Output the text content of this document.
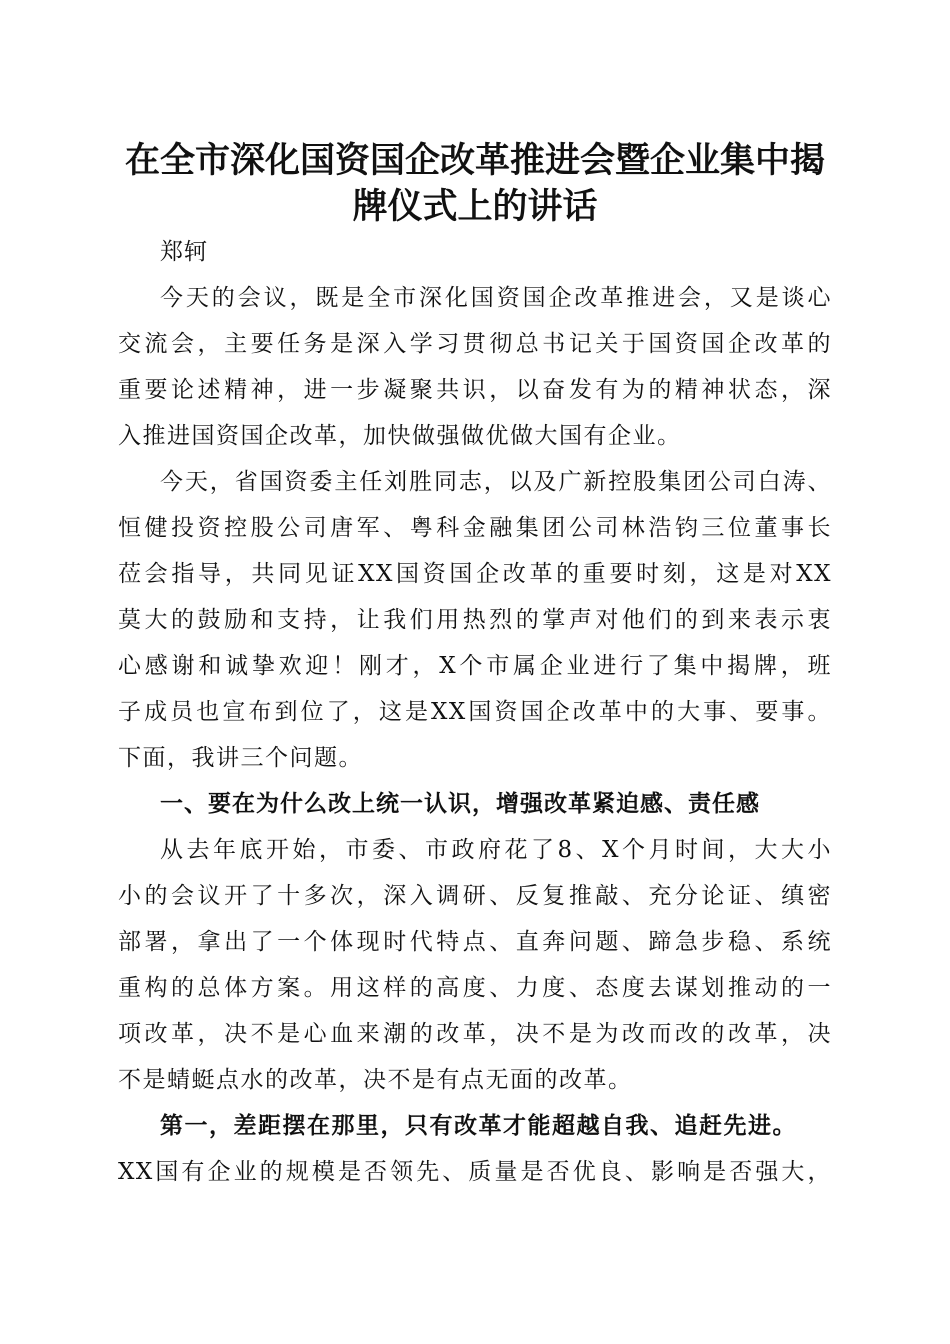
在全市深化国资国企改革推进会暨企业集中揭
牌仪式上的讲话

郑轲

今天的会议，既是全市深化国资国企改革推进会，又是谈心

交流会，主要任务是深入学习贯彻总书记关于国资国企改革的

重要论述精神，进一步凝聚共识，以奋发有为的精神状态，深

入推进国资国企改革，加快做强做优做大国有企业。

今天，省国资委主任刘胜同志，以及广新控股集团公司白涛、

恒健投资控股公司唐军、粤科金融集团公司林浩钧三位董事长

莅会指导，共同见证XX国资国企改革的重要时刻，这是对XX

莫大的鼓励和支持，让我们用热烈的掌声对他们的到来表示衷

心感谢和诚挚欢迎！刚才，X个市属企业进行了集中揭牌，班

子成员也宣布到位了，这是XX国资国企改革中的大事、要事。

下面，我讲三个问题。

一、要在为什么改上统一认识，增强改革紧迫感、责任感

从去年底开始，市委、市政府花了8、X个月时间，大大小

小的会议开了十多次，深入调研、反复推敲、充分论证、缜密

部署，拿出了一个体现时代特点、直奔问题、蹄急步稳、系统

重构的总体方案。用这样的高度、力度、态度去谋划推动的一

项改革，决不是心血来潮的改革，决不是为改而改的改革，决

不是蜻蜓点水的改革，决不是有点无面的改革。

第一，差距摆在那里，只有改革才能超越自我、追赶先进。

XX国有企业的规模是否领先、质量是否优良、影响是否强大，
